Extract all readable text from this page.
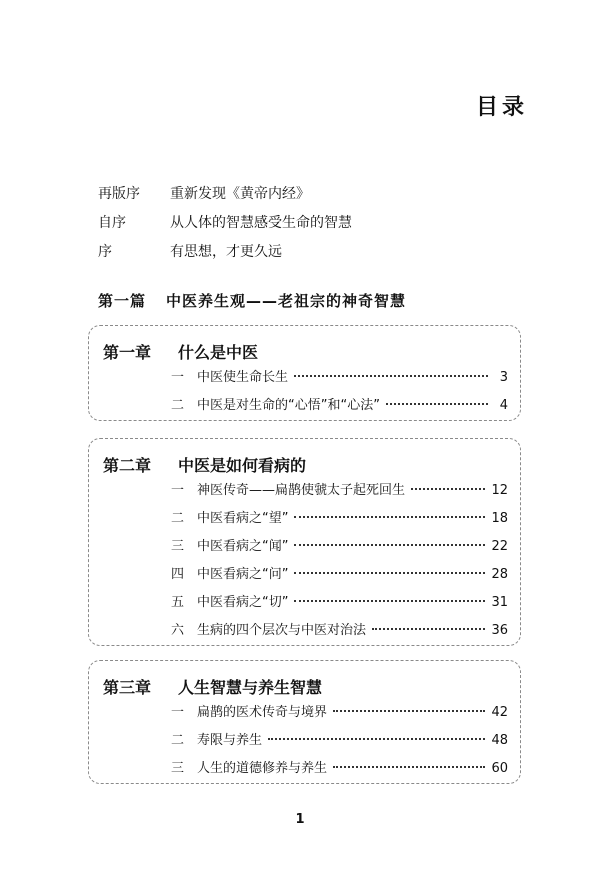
目录
再版序	重新发现《黄帝内经》
自序	从人体的智慧感受生命的智慧
序	有思想，才更久远
第一篇 中医养生观——老祖宗的神奇智慧
第一章 什么是中医
一 中医使生命长生	3
二 中医是对生命的“心悟”和“心法”	4
第二章 中医是如何看病的
一 神医传奇——扁鹊使虢太子起死回生	12
二 中医看病之“望”	18
三 中医看病之“闻”	22
四 中医看病之“问”	28
五 中医看病之“切”	31
六 生病的四个层次与中医对治法	36
第三章 人生智慧与养生智慧
一 扁鹊的医术传奇与境界	42
二 寿限与养生	48
三 人生的道德修养与养生	60
1
